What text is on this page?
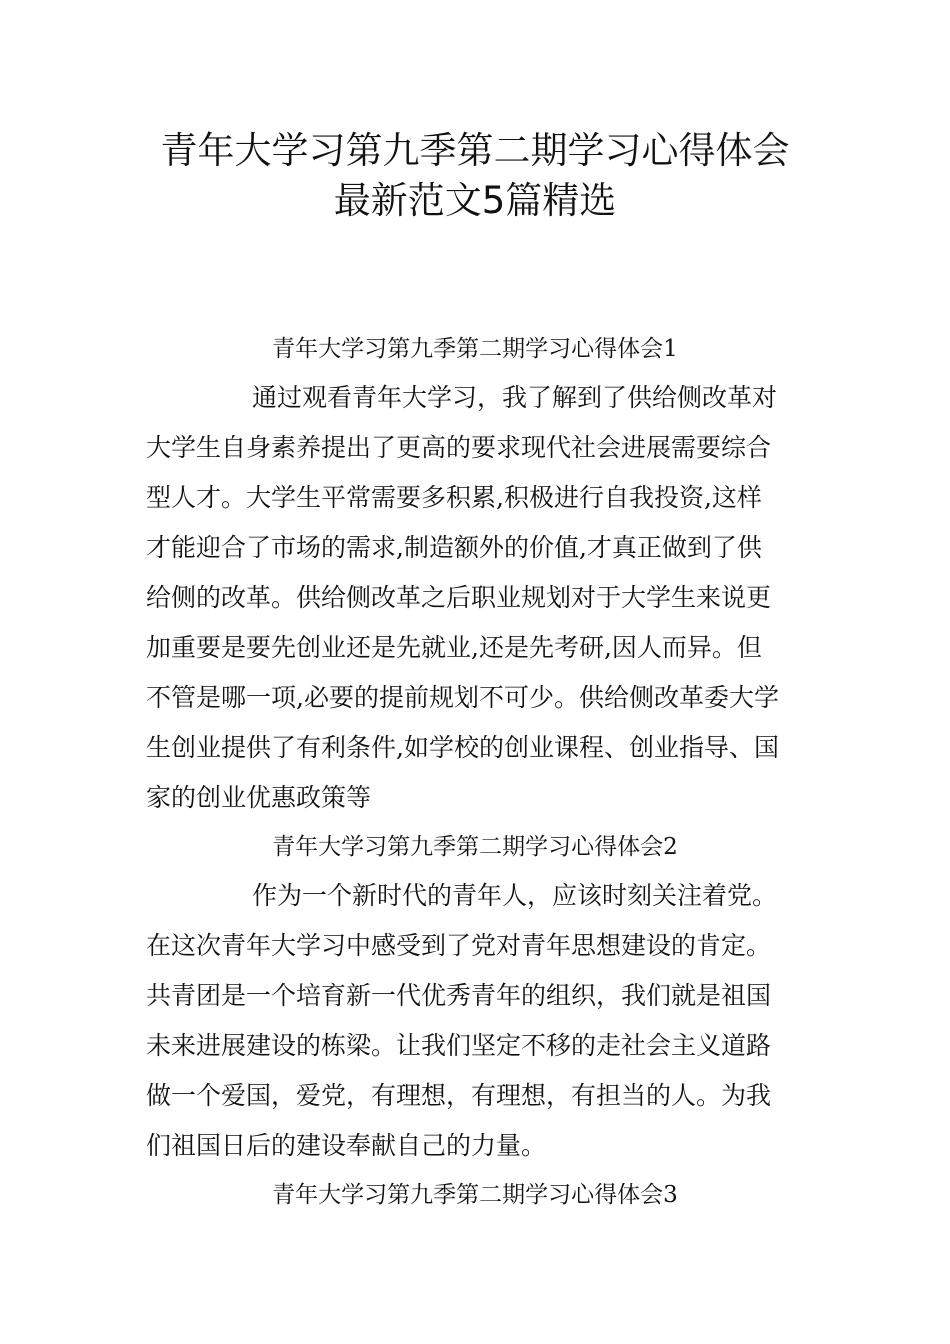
青年大学习第九季第二期学习心得体会
最新范文5篇精选
青年大学习第九季第二期学习心得体会1
通过观看青年大学习，我了解到了供给侧改革对
大学生自身素养提出了更高的要求现代社会进展需要综合
型人才。大学生平常需要多积累,积极进行自我投资,这样
才能迎合了市场的需求,制造额外的价值,才真正做到了供
给侧的改革。供给侧改革之后职业规划对于大学生来说更
加重要是要先创业还是先就业,还是先考研,因人而异。但
不管是哪一项,必要的提前规划不可少。供给侧改革委大学
生创业提供了有利条件,如学校的创业课程、创业指导、国
家的创业优惠政策等
青年大学习第九季第二期学习心得体会2
作为一个新时代的青年人，应该时刻关注着党。
在这次青年大学习中感受到了党对青年思想建设的肯定。
共青团是一个培育新一代优秀青年的组织，我们就是祖国
未来进展建设的栋梁。让我们坚定不移的走社会主义道路
做一个爱国，爱党，有理想，有理想，有担当的人。为我
们祖国日后的建设奉献自己的力量。
青年大学习第九季第二期学习心得体会3
